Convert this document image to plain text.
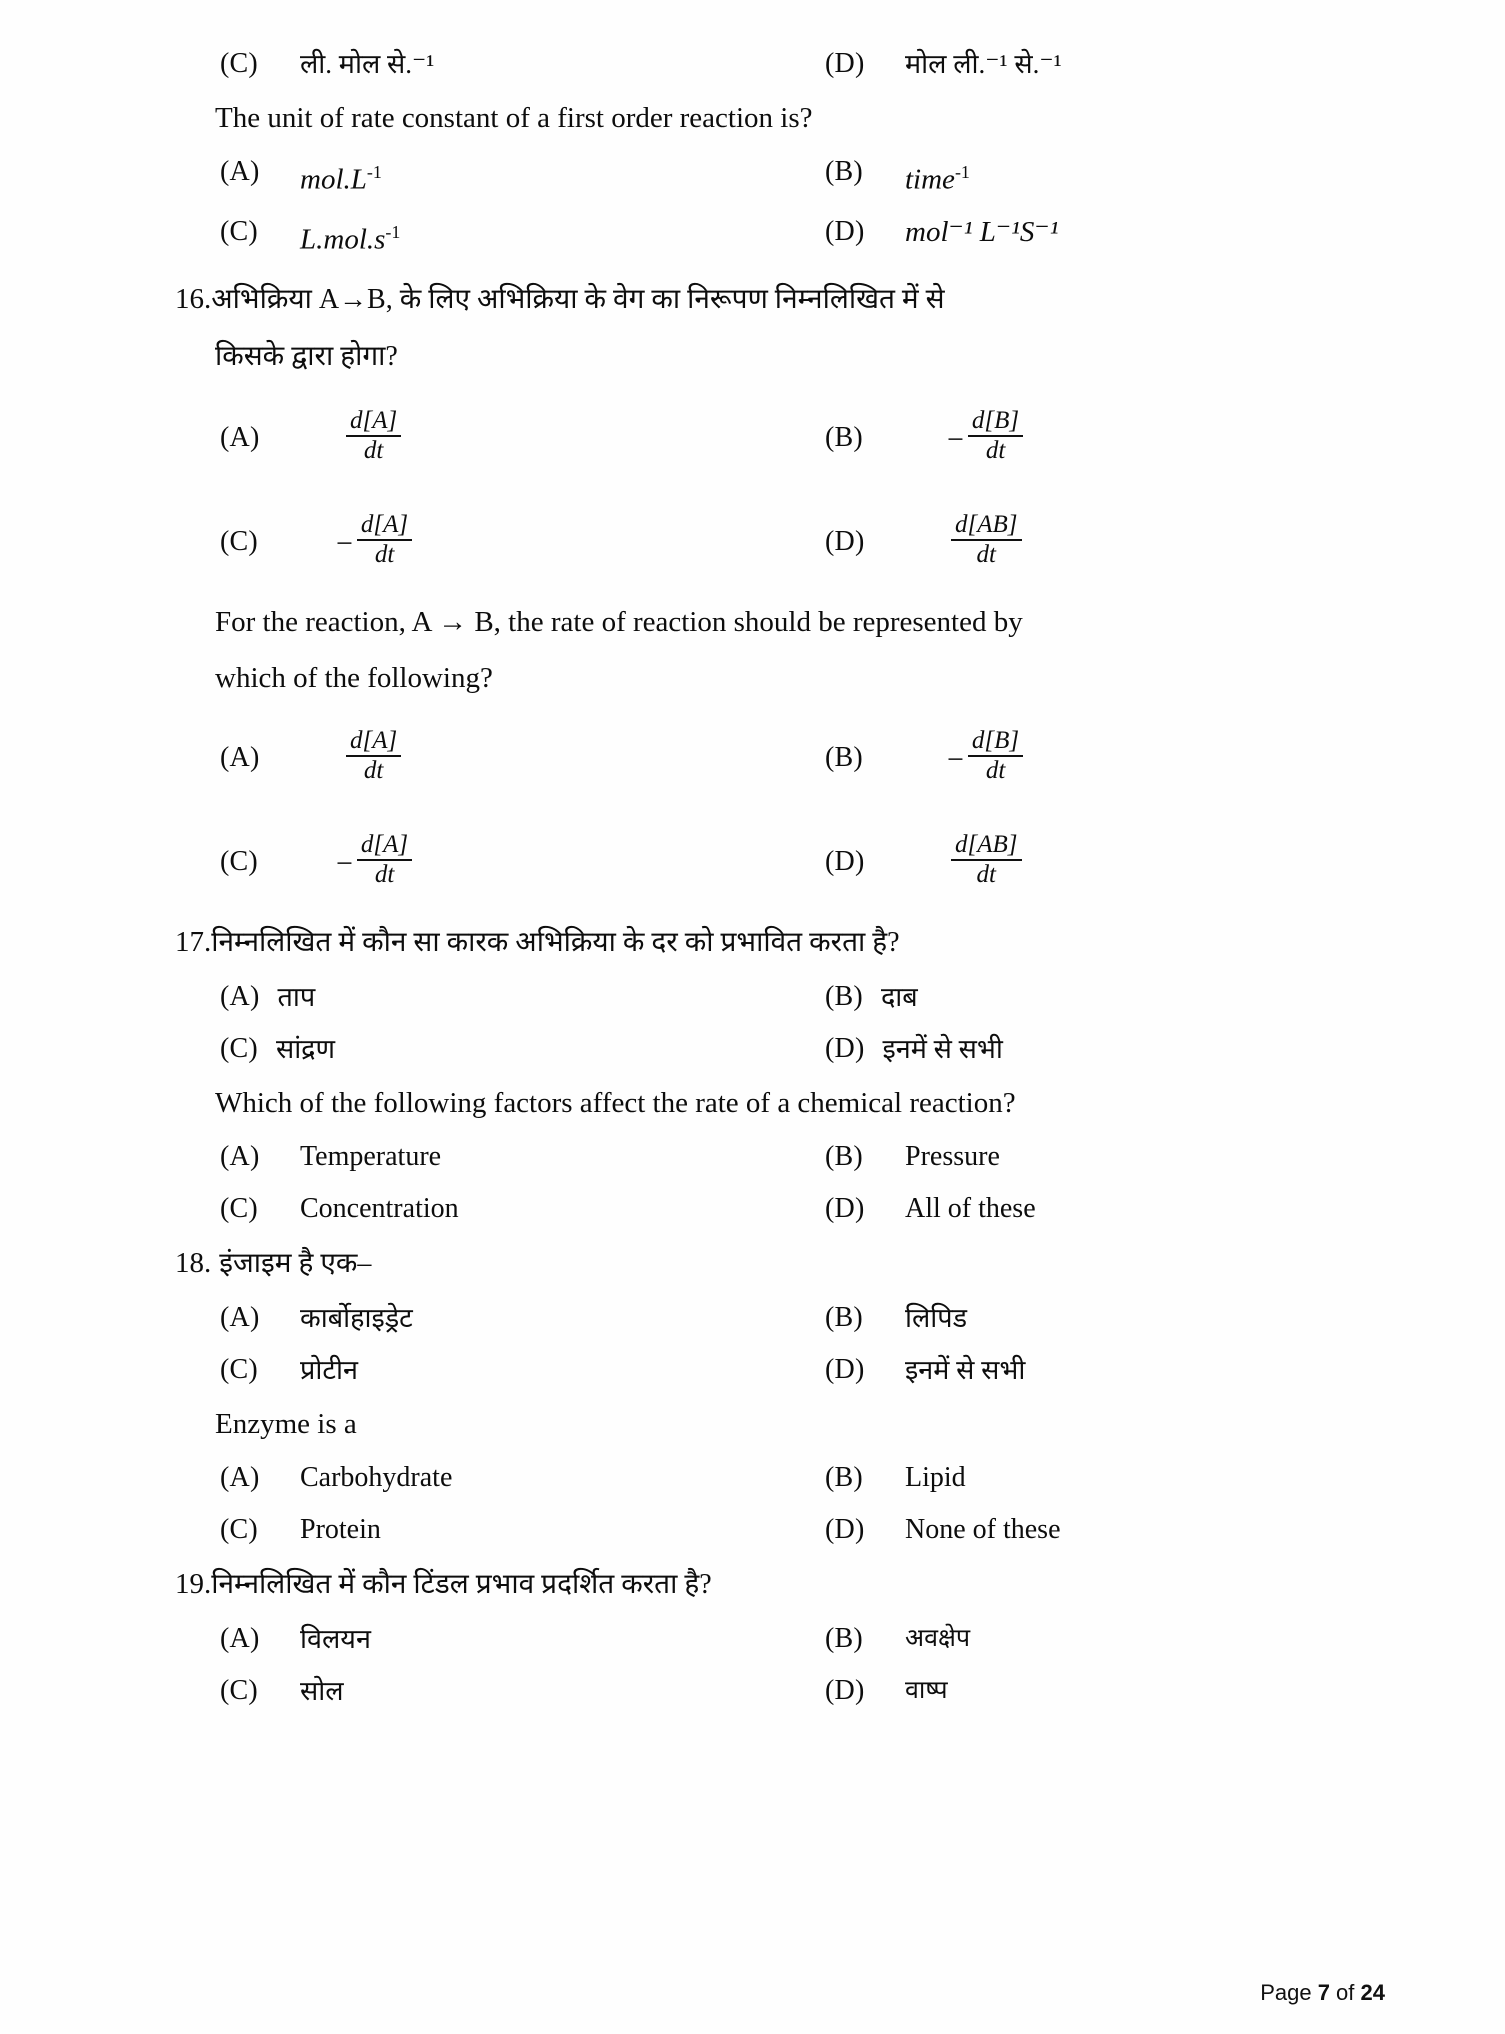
(C)	ली. मोल से.⁻¹	(D)	मोल ली.⁻¹ से.⁻¹
The unit of rate constant of a first order reaction is?
(A)	$mol.L^{-1}$	(B)	time$^{-1}$
(C)	$L.mol.s^{-1}$	(D)	mol⁻¹ L⁻¹S⁻¹
16. अभिक्रिया A→B, के लिए अभिक्रिया के वेग का निरूपण निम्नलिखित में से
किसके द्वारा होगा?
(A)	$\frac{d[A]}{dt}$	(B)	− $\frac{d[B]}{dt}$
(C)	− $\frac{d[A]}{dt}$	(D)	$\frac{d[AB]}{dt}$
For the reaction, A → B, the rate of reaction should be represented by
which of the following?
(A)	$\frac{d[A]}{dt}$	(B)	− $\frac{d[B]}{dt}$
(C)	− $\frac{d[A]}{dt}$	(D)	$\frac{d[AB]}{dt}$
17. निम्नलिखित में कौन सा कारक अभिक्रिया के दर को प्रभावित करता है?
(A) ताप	(B) दाब
(C) सांद्रण	(D) इनमें से सभी
Which of the following factors affect the rate of a chemical reaction?
(A)	Temperature	(B)	Pressure
(C)	Concentration	(D)	All of these
18. इंजाइम है एक–
(A)	कार्बोहाइड्रेट	(B)	लिपिड
(C)	प्रोटीन	(D)	इनमें से सभी
Enzyme is a
(A)	Carbohydrate	(B)	Lipid
(C)	Protein	(D)	None of these
19. निम्नलिखित में कौन टिंडल प्रभाव प्रदर्शित करता है?
(A)	विलयन	(B)	अवक्षेप
(C)	सोल	(D)	वाष्प
Page 7 of 24
